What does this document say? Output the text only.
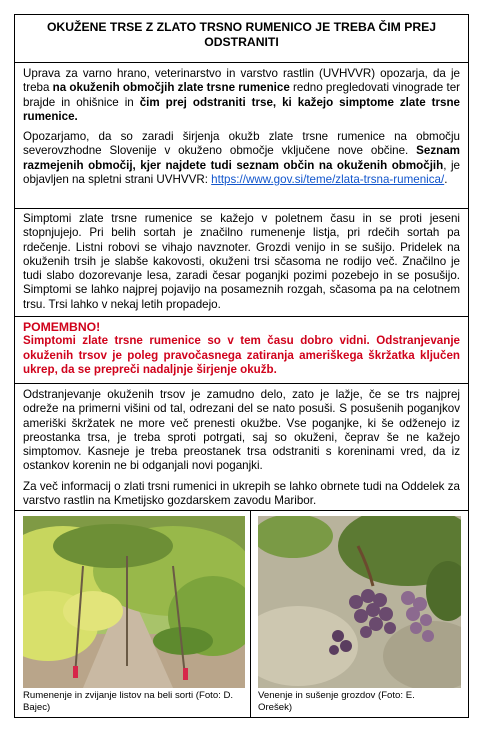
OKUŽENE TRSE Z ZLATO TRSNO RUMENICO JE TREBA ČIM PREJ ODSTRANITI

Uprava za varno hrano, veterinarstvo in varstvo rastlin (UVHVVR) opozarja, da je treba na okuženih območjih zlate trsne rumenice redno pregledovati vinograde ter brajde in ohišnice in čim prej odstraniti trse, ki kažejo simptome zlate trsne rumenice.

Opozarjamo, da so zaradi širjenja okužb zlate trsne rumenice na območju severovzhodne Slovenije v okuženo območje vključene nove občine. Seznam razmejenih območij, kjer najdete tudi seznam občin na okuženih območjih, je objavljen na spletni strani UVHVVR: https://www.gov.si/teme/zlata-trsna-rumenica/.

Simptomi zlate trsne rumenice se kažejo v poletnem času in se proti jeseni stopnjujejo. Pri belih sortah je značilno rumenenje listja, pri rdečih sortah pa rdečenje. Listni robovi se vihajo navznoter. Grozdi venijo in se sušijo. Pridelek na okuženih trsih je slabše kakovosti, okuženi trsi sčasoma ne rodijo več. Značilno je tudi slabo dozorevanje lesa, zaradi česar poganjki pozimi pozebejo in se posušijo. Simptomi se lahko najprej pojavijo na posameznih rozgah, sčasoma pa na celotnem trsu. Trsi lahko v nekaj letih propadejo.

POMEMBNO!

Simptomi zlate trsne rumenice so v tem času dobro vidni. Odstranjevanje okuženih trsov je poleg pravočasnega zatiranja ameriškega škržatka ključen ukrep, da se prepreči nadaljnje širjenje okužb.

Odstranjevanje okuženih trsov je zamudno delo, zato je lažje, če se trs najprej odreže na primerni višini od tal, odrezani del se nato posuši. S posušenih poganjkov ameriški škržatek ne more več prenesti okužbe. Vse poganjke, ki še odženejo iz preostanka trsa, je treba sproti potrgati, saj so okuženi, čeprav še ne kažejo simptomov. Kasneje je treba preostanek trsa odstraniti s koreninami vred, da iz ostankov korenin ne bi odganjali novi poganjki.

Za več informacij o zlati trsni rumenici in ukrepih se lahko obrnete tudi na Oddelek za varstvo rastlin na Kmetijsko gozdarskem zavodu Maribor.

Rumenenje in zvijanje listov na beli sorti (Foto: D. Bajec)
Venenje in sušenje grozdov (Foto: E. Orešek)
